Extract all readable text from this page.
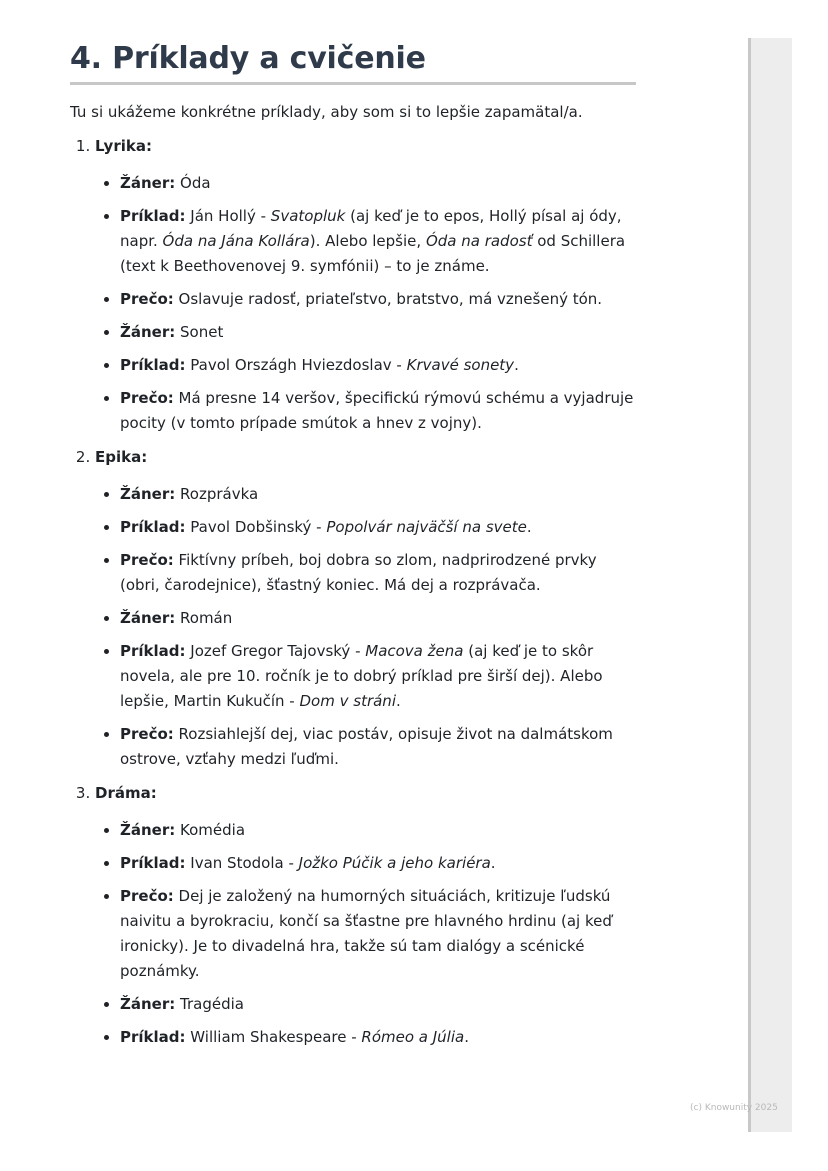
4. Príklady a cvičenie

Tu si ukážeme konkrétne príklady, aby som si to lepšie zapamätal/a.

1. Lyrika:
• Žáner: Óda
• Príklad: Ján Hollý - Svatopluk (aj keď je to epos, Hollý písal aj ódy, napr. Óda na Jána Kollára). Alebo lepšie, Óda na radosť od Schillera (text k Beethovenovej 9. symfónii) – to je známe.
• Prečo: Oslavuje radosť, priateľstvo, bratstvo, má vznešený tón.
• Žáner: Sonet
• Príklad: Pavol Országh Hviezdoslav - Krvavé sonety.
• Prečo: Má presne 14 veršov, špecifickú rýmovú schému a vyjadruje pocity (v tomto prípade smútok a hnev z vojny).
2. Epika:
• Žáner: Rozprávka
• Príklad: Pavol Dobšinský - Popolvár najväčší na svete.
• Prečo: Fiktívny príbeh, boj dobra so zlom, nadprirodzené prvky (obri, čarodejnice), šťastný koniec. Má dej a rozprávača.
• Žáner: Román
• Príklad: Jozef Gregor Tajovský - Macova žena (aj keď je to skôr novela, ale pre 10. ročník je to dobrý príklad pre širší dej). Alebo lepšie, Martin Kukučín - Dom v stráni.
• Prečo: Rozsiahlejší dej, viac postáv, opisuje život na dalmátskom ostrove, vzťahy medzi ľuďmi.
3. Dráma:
• Žáner: Komédia
• Príklad: Ivan Stodola - Jožko Púčik a jeho kariéra.
• Prečo: Dej je založený na humorných situáciách, kritizuje ľudskú naivitu a byrokraciu, končí sa šťastne pre hlavného hrdinu (aj keď ironicky). Je to divadelná hra, takže sú tam dialógy a scénické poznámky.
• Žáner: Tragédia
• Príklad: William Shakespeare - Rómeo a Júlia.
(c) Knowunity 2025
